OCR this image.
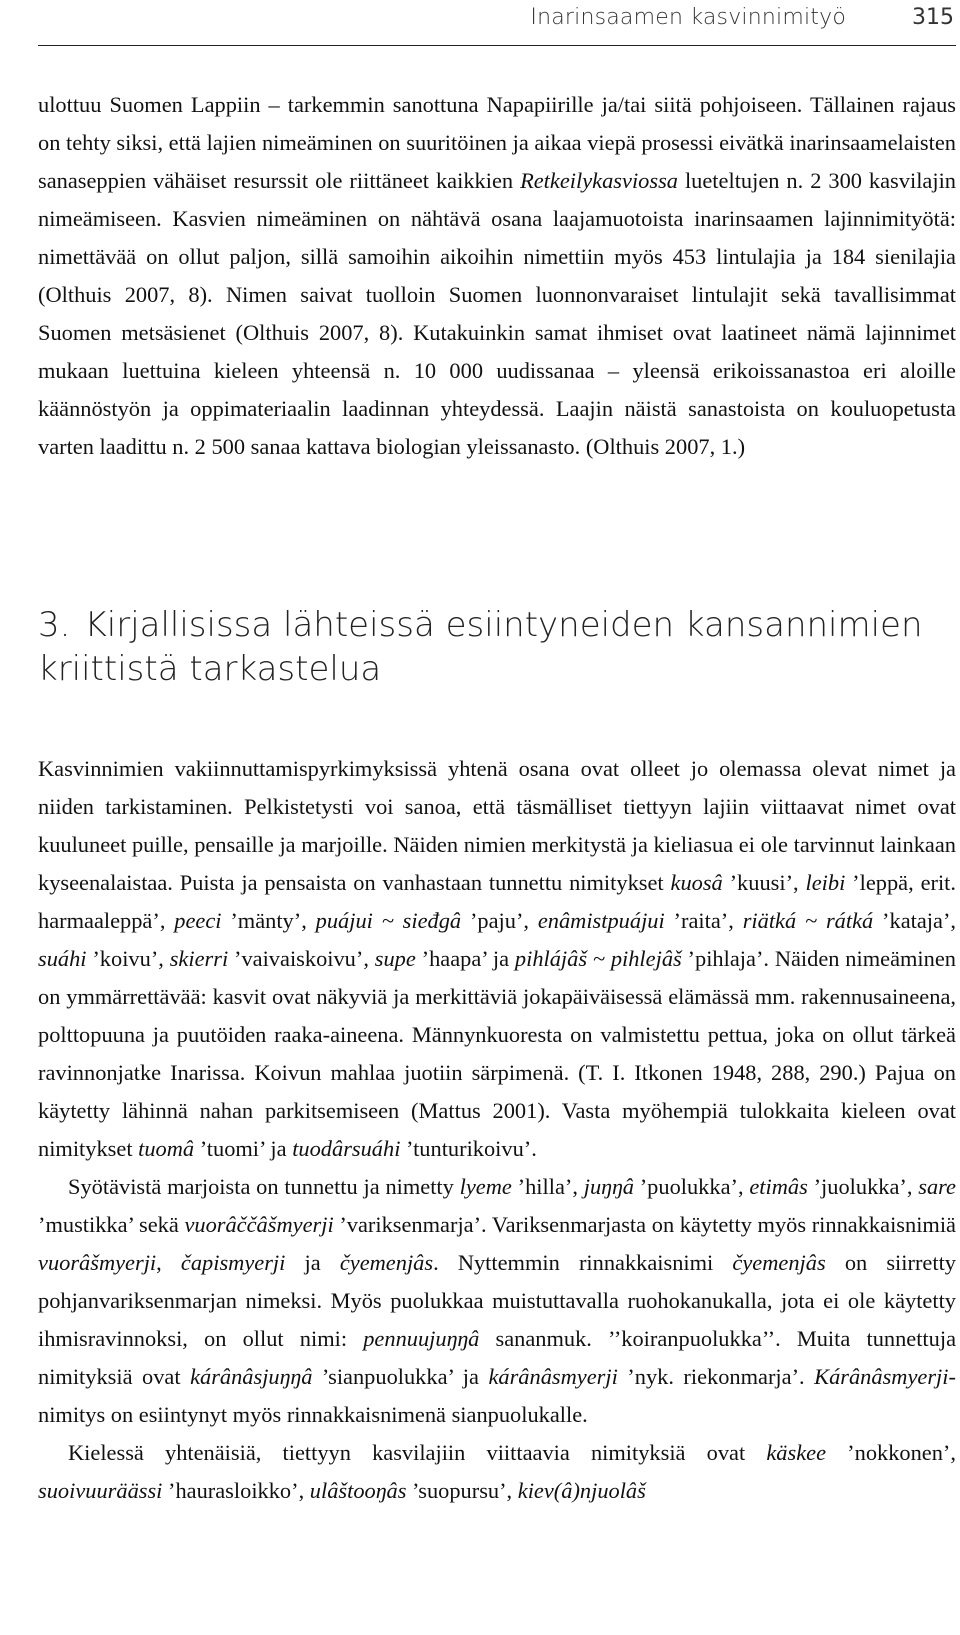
Inarinsaamen kasvinnimityö	315

ulottuu Suomen Lappiin – tarkemmin sanottuna Napapiirille ja/tai siitä pohjoiseen. Tällainen rajaus on tehty siksi, että lajien nimeäminen on suuritöinen ja aikaa viepä prosessi eivätkä inarinsaamelaisten sanaseppien vähäiset resurssit ole riittäneet kaikkien Retkeilykasviossa lueteltujen n. 2 300 kasvilajin nimeämiseen. Kasvien nimeäminen on nähtävä osana laajamuotoista inarinsaamen lajinnimityötä: nimettävää on ollut paljon, sillä samoihin aikoihin nimettiin myös 453 lintulajia ja 184 sienilajia (Olthuis 2007, 8). Nimen saivat tuolloin Suomen luonnonvaraiset lintulajit sekä tavallisimmat Suomen metsäsienet (Olthuis 2007, 8). Kutakuinkin samat ihmiset ovat laatineet nämä lajinnimet mukaan luettuina kieleen yhteensä n. 10 000 uudissanaa – yleensä erikoissanastoa eri aloille käännöstyön ja oppimateriaalin laadinnan yhteydessä. Laajin näistä sanastoista on kouluopetusta varten laadittu n. 2 500 sanaa kattava biologian yleissanasto. (Olthuis 2007, 1.)

3. Kirjallisissa lähteissä esiintyneiden kansannimien
kriittistä tarkastelua

Kasvinnimien vakiinnuttamispyrkimyksissä yhtenä osana ovat olleet jo olemassa olevat nimet ja niiden tarkistaminen. Pelkistetysti voi sanoa, että täsmälliset tiettyyn lajiin viittaavat nimet ovat kuuluneet puille, pensaille ja marjoille. Näiden nimien merkitystä ja kieliasua ei ole tarvinnut lainkaan kyseenalaistaa. Puista ja pensaista on vanhastaan tunnettu nimitykset kuosâ ’kuusi’, leibi ’leppä, erit. harmaaleppä’, peeci ’mänty’, puájui ~ sieđgâ ’paju’, enâmistpuájui ’raita’, riätká ~ rátká ’kataja’, suáhi ’koivu’, skierri ’vaivaiskoivu’, supe ’haapa’ ja pihlájâš ~ pihlejâš ’pihlaja’. Näiden nimeäminen on ymmärrettävää: kasvit ovat näkyviä ja merkittäviä jokapäiväisessä elämässä mm. rakennusaineena, polttopuuna ja puutöiden raaka-aineena. Männynkuoresta on valmistettu pettua, joka on ollut tärkeä ravinnonjatke Inarissa. Koivun mahlaa juotiin särpimenä. (T. I. Itkonen 1948, 288, 290.) Pajua on käytetty lähinnä nahan parkitsemiseen (Mattus 2001). Vasta myöhempiä tulokkaita kieleen ovat nimitykset tuomâ ’tuomi’ ja tuodârsuáhi ’tunturikoivu’.

Syötävistä marjoista on tunnettu ja nimetty lyeme ’hilla’, juŋŋâ ’puolukka’, etimâs ’juolukka’, sare ’mustikka’ sekä vuorâččâšmyerji ’variksenmarja’. Variksenmarjasta on käytetty myös rinnakkaisnimiä vuorâšmyerji, čapismyerji ja čyemenjâs. Nyttemmin rinnakkaisnimi čyemenjâs on siirretty pohjanvariksenmarjan nimeksi. Myös puolukkaa muistuttavalla ruohokanukalla, jota ei ole käytetty ihmisravinnoksi, on ollut nimi: pennuujuŋŋâ sananmuk. ’’koiranpuolukka’’. Muita tunnettuja nimityksiä ovat kárânâsjuŋŋâ ’sianpuolukka’ ja kárânâsmyerji ’nyk. riekonmarja’. Kárânâsmyerji-nimitys on esiintynyt myös rinnakkaisnimenä sianpuolukalle.

Kielessä yhtenäisiä, tiettyyn kasvilajiin viittaavia nimityksiä ovat käskee ’nokkonen’, suoivuuräässi ’haurasloikko’, ulâštooŋâs ’suopursu’, kiev(â)njuolâš
